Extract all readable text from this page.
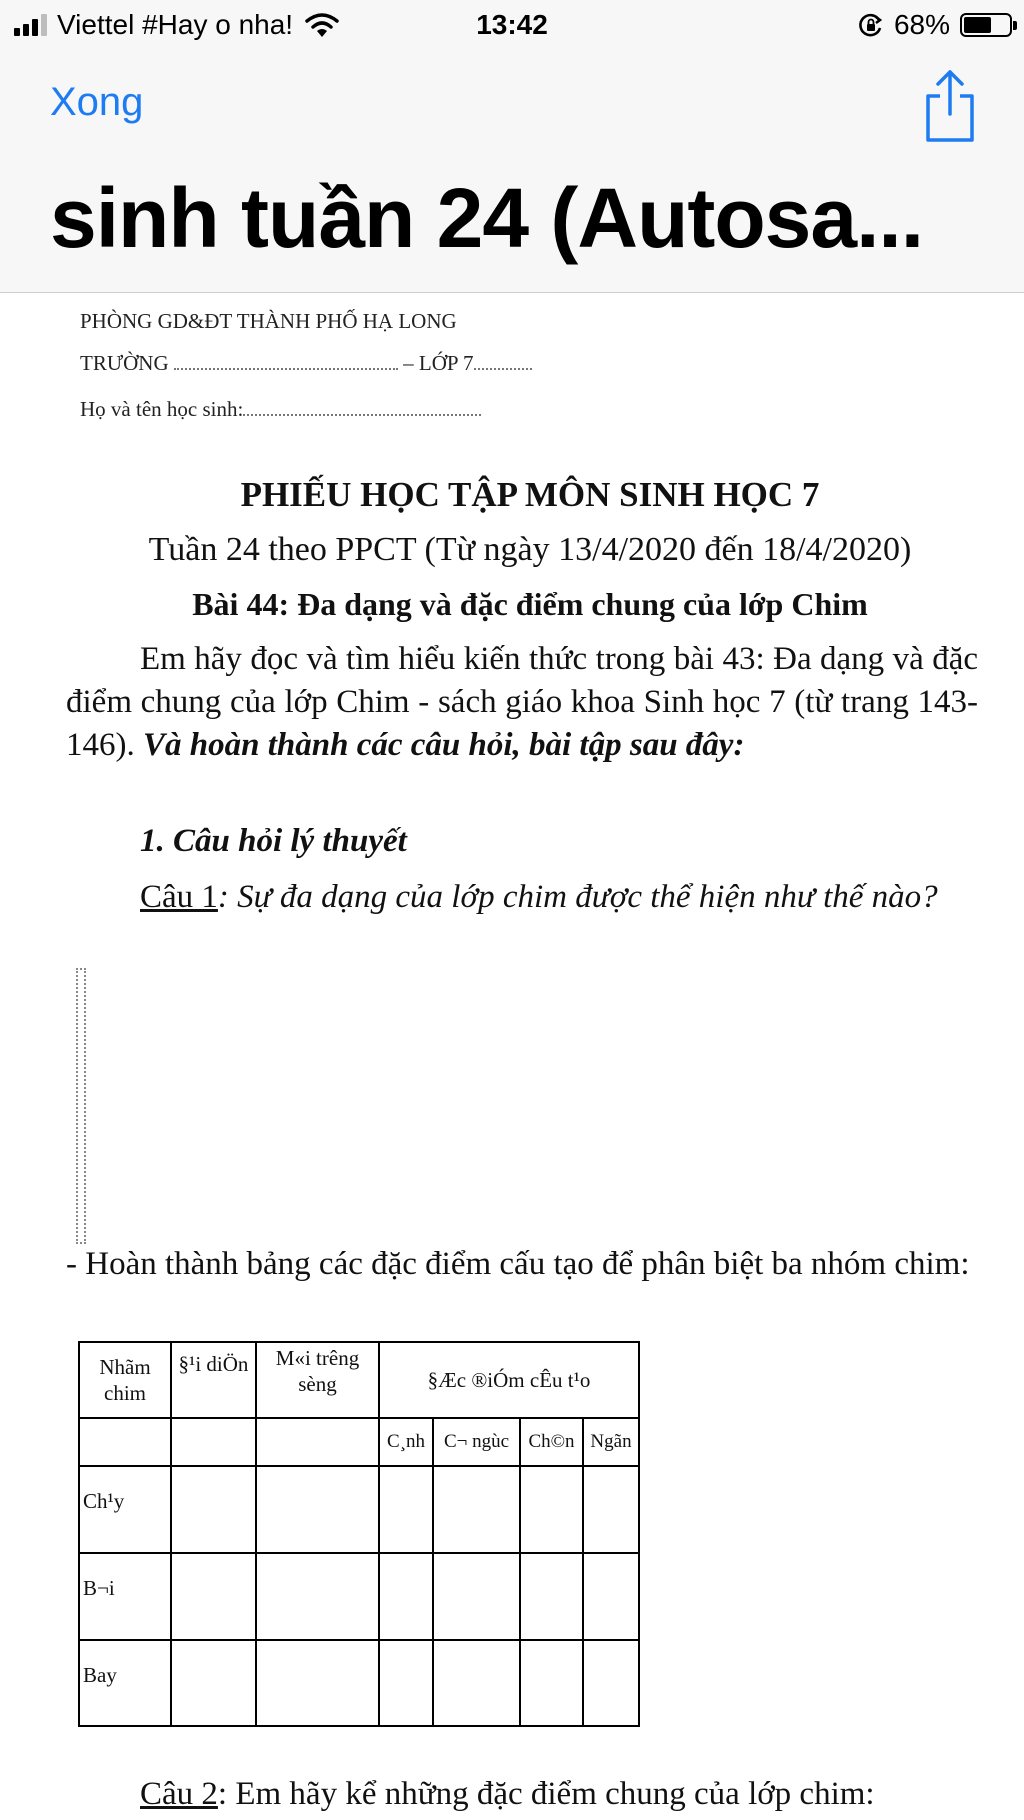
Viettel #Hay o nha!	13:42	68%
Xong
sinh tuần 24 (Autosa...
PHÒNG GD&ĐT THÀNH PHỐ HẠ LONG
TRƯỜNG	– LỚP 7
Họ và tên học sinh:
PHIẾU HỌC TẬP MÔN SINH HỌC 7
Tuần 24 theo PPCT (Từ ngày 13/4/2020 đến 18/4/2020)
Bài 44: Đa dạng và đặc điểm chung của lớp Chim
Em hãy đọc và tìm hiểu kiến thức trong bài 43: Đa dạng và đặc điểm chung của lớp Chim - sách giáo khoa Sinh học 7 (từ trang 143-146). Và hoàn thành các câu hỏi, bài tập sau đây:
1. Câu hỏi lý thuyết
Câu 1: Sự đa dạng của lớp chim được thể hiện như thế nào?
- Hoàn thành bảng các đặc điểm cấu tạo để phân biệt ba nhóm chim:
Nhãm chim	§¹i diÖn	M«i trêng sèng	§Æc ®iÓm cÊu t¹o			
			C¸nh	C¬ ngùc	Ch©n	Ngãn
Ch¹y						
B¬i						
Bay						
Câu 2: Em hãy kể những đặc điểm chung của lớp chim:
